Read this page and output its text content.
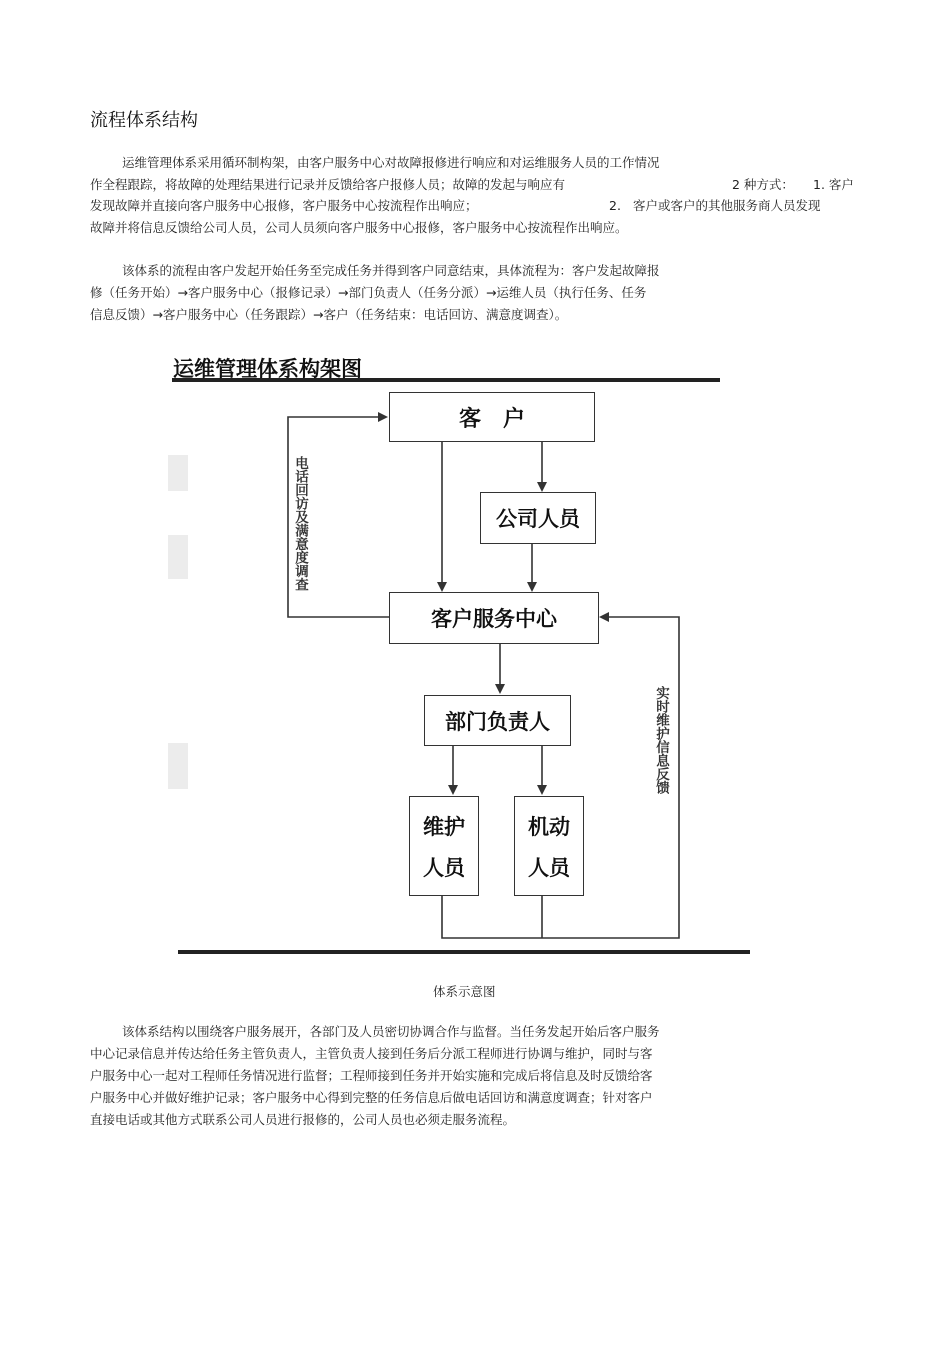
流程体系结构
运维管理体系采用循环制构架，由客户服务中心对故障报修进行响应和对运维服务人员的工作情况
作全程跟踪，将故障的处理结果进行记录并反馈给客户报修人员；故障的发起与响应有	2 种方式： 1. 客户
发现故障并直接向客户服务中心报修，客户服务中心按流程作出响应；	2. 客户或客户的其他服务商人员发现
故障并将信息反馈给公司人员，公司人员须向客户服务中心报修，客户服务中心按流程作出响应。
该体系的流程由客户发起开始任务至完成任务并得到客户同意结束，具体流程为：客户发起故障报
修（任务开始）→客户服务中心（报修记录）→部门负责人（任务分派）→运维人员（执行任务、任务
信息反馈）→客户服务中心（任务跟踪）→客户（任务结束：电话回访、满意度调查）。
运维管理体系构架图
客　户
公司人员
客户服务中心
部门负责人
维护
人员
机动
人员
电话回访及满意度调查
实时维护信息反馈
体系示意图
该体系结构以围绕客户服务展开，各部门及人员密切协调合作与监督。当任务发起开始后客户服务
中心记录信息并传达给任务主管负责人，主管负责人接到任务后分派工程师进行协调与维护，同时与客
户服务中心一起对工程师任务情况进行监督；工程师接到任务并开始实施和完成后将信息及时反馈给客
户服务中心并做好维护记录；客户服务中心得到完整的任务信息后做电话回访和满意度调查；针对客户
直接电话或其他方式联系公司人员进行报修的，公司人员也必须走服务流程。
